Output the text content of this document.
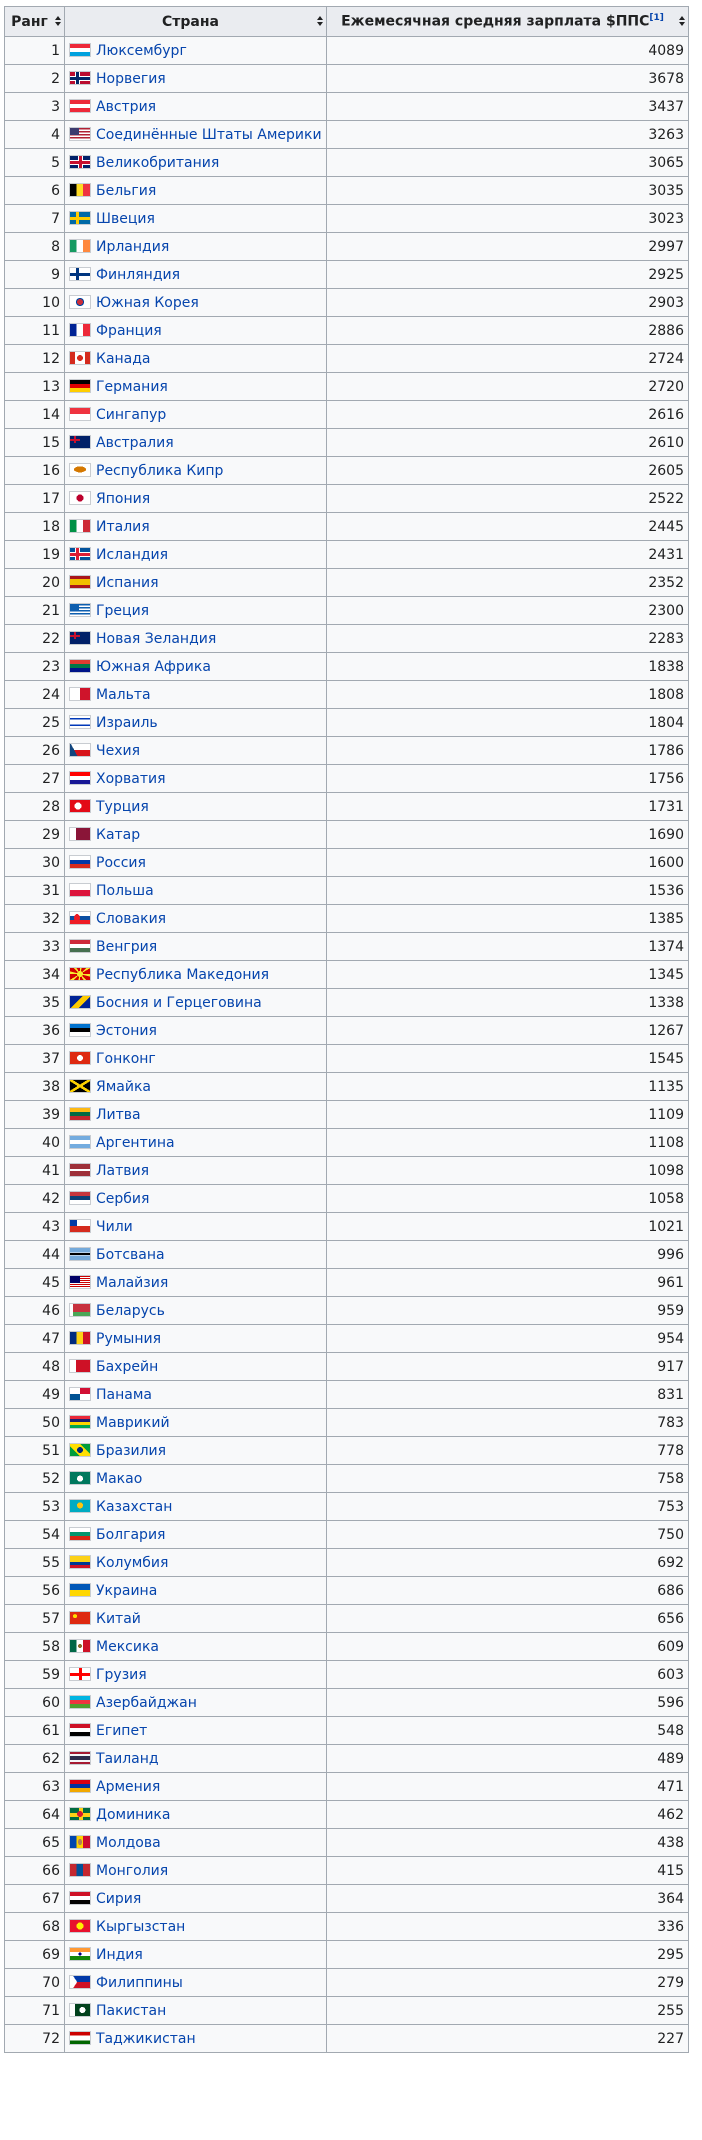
Ранг	Страна	Ежемесячная средняя зарплата $ППС[1]

1	Люксембург	4089
2	Норвегия	3678
3	Австрия	3437
4	Соединённые Штаты Америки	3263
5	Великобритания	3065
6	Бельгия	3035
7	Швеция	3023
8	Ирландия	2997
9	Финляндия	2925
10	Южная Корея	2903
11	Франция	2886
12	Канада	2724
13	Германия	2720
14	Сингапур	2616
15	Австралия	2610
16	Республика Кипр	2605
17	Япония	2522
18	Италия	2445
19	Исландия	2431
20	Испания	2352
21	Греция	2300
22	Новая Зеландия	2283
23	Южная Африка	1838
24	Мальта	1808
25	Израиль	1804
26	Чехия	1786
27	Хорватия	1756
28	Турция	1731
29	Катар	1690
30	Россия	1600
31	Польша	1536
32	Словакия	1385
33	Венгрия	1374
34	Республика Македония	1345
35	Босния и Герцеговина	1338
36	Эстония	1267
37	Гонконг	1545
38	Ямайка	1135
39	Литва	1109
40	Аргентина	1108
41	Латвия	1098
42	Сербия	1058
43	Чили	1021
44	Ботсвана	996
45	Малайзия	961
46	Беларусь	959
47	Румыния	954
48	Бахрейн	917
49	Панама	831
50	Маврикий	783
51	Бразилия	778
52	Макао	758
53	Казахстан	753
54	Болгария	750
55	Колумбия	692
56	Украина	686
57	Китай	656
58	Мексика	609
59	Грузия	603
60	Азербайджан	596
61	Египет	548
62	Таиланд	489
63	Армения	471
64	Доминика	462
65	Молдова	438
66	Монголия	415
67	Сирия	364
68	Кыргызстан	336
69	Индия	295
70	Филиппины	279
71	Пакистан	255
72	Таджикистан	227
